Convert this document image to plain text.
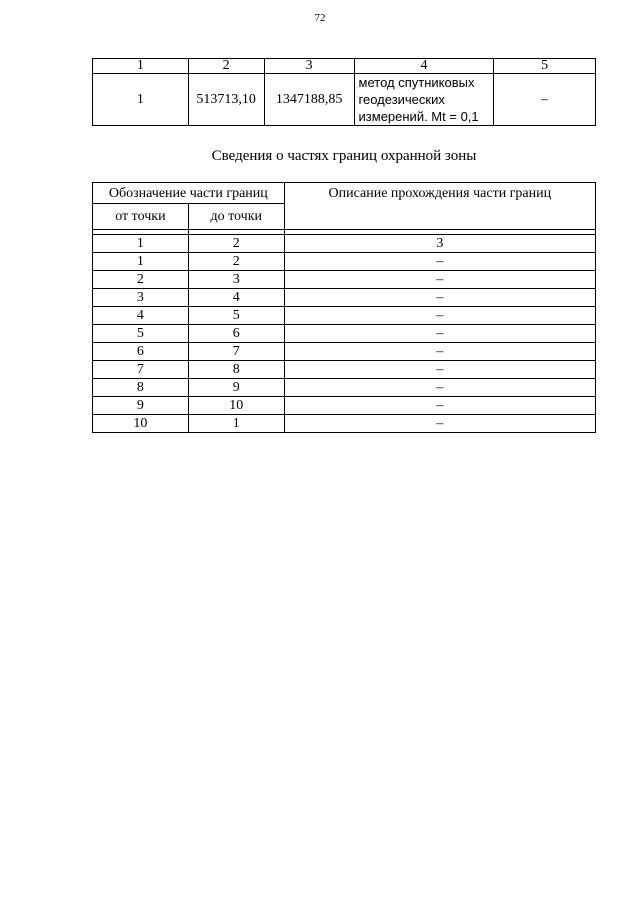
72
1	2	3	4	5
1	513713,10	1347188,85	метод спутниковых
геодезических
измерений. Mt = 0,1	–
Сведения о частях границ охранной зоны
Обозначение части границ		Описание прохождения части границ
от точки	до точки	

1	2	3
1	2	–
2	3	–
3	4	–
4	5	–
5	6	–
6	7	–
7	8	–
8	9	–
9	10	–
10	1	–
